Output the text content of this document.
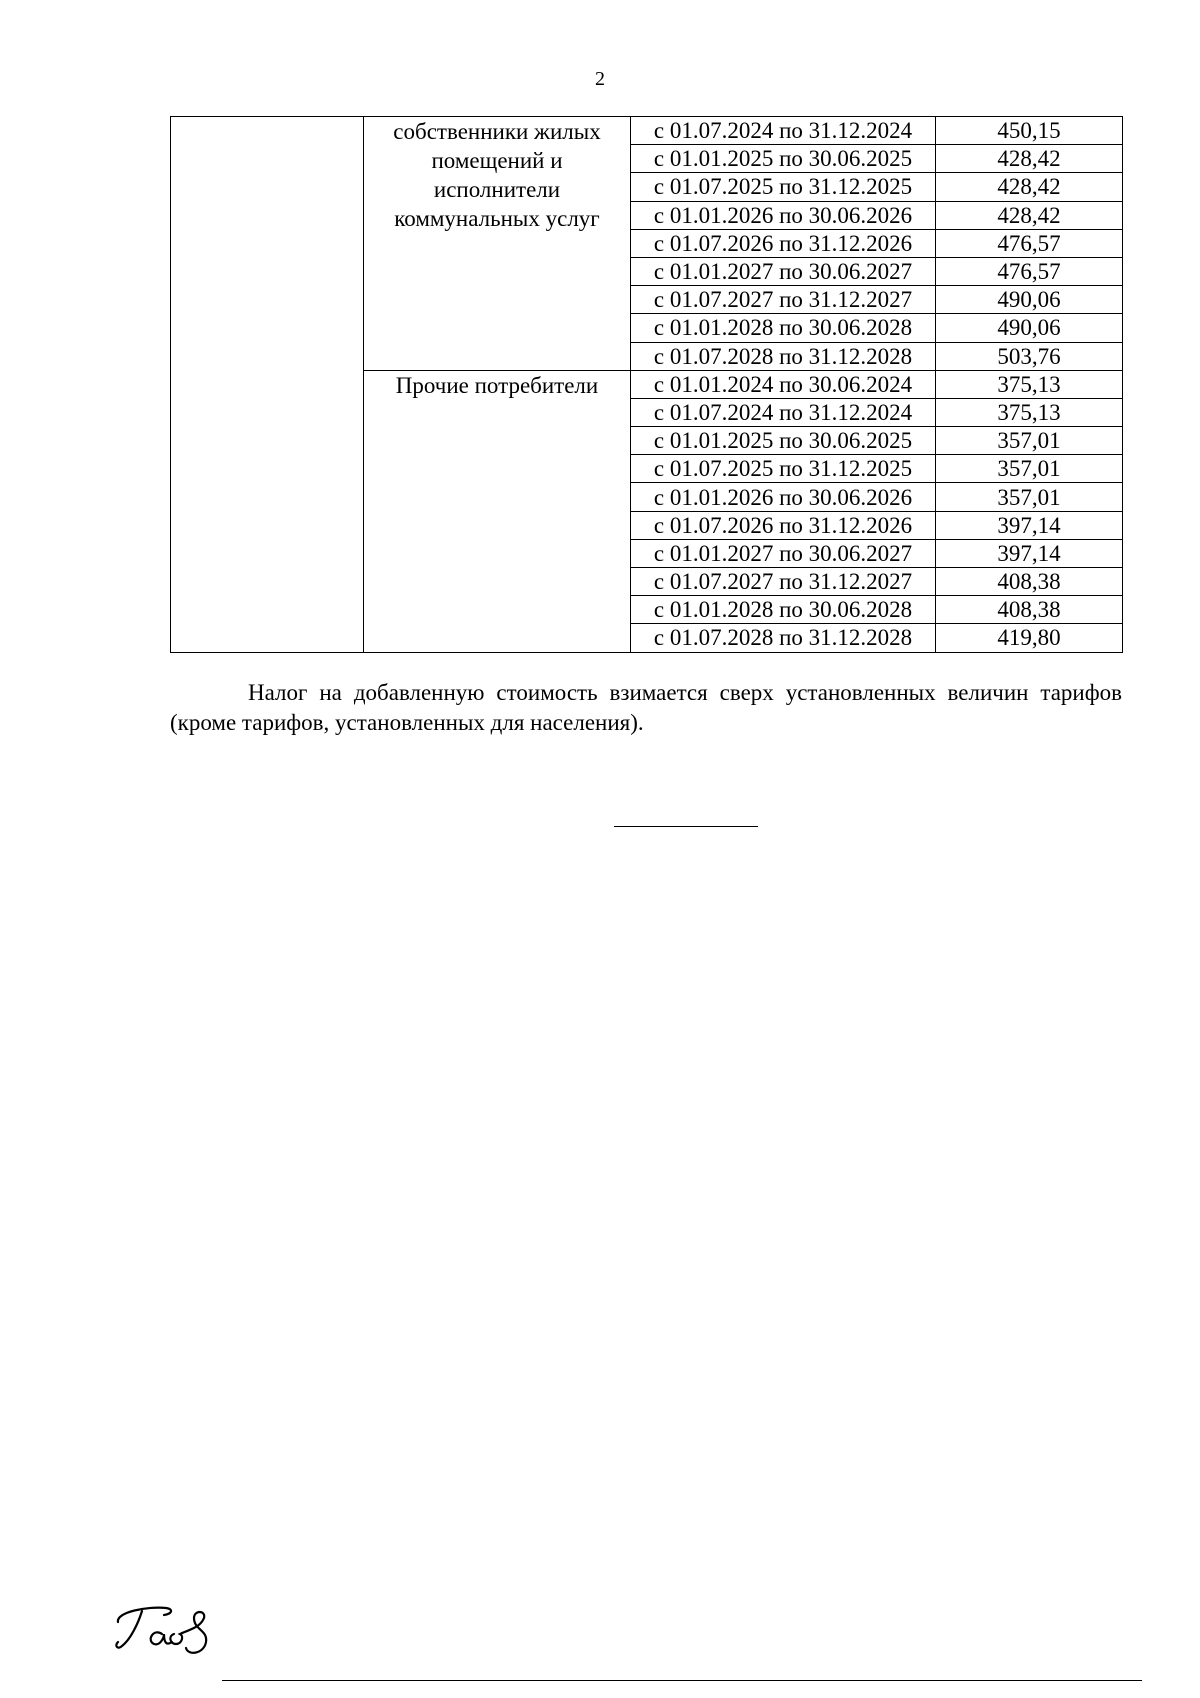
2
	собственники жилых помещений и исполнители коммунальных услуг	с 01.07.2024 по 31.12.2024	450,15
		с 01.01.2025 по 30.06.2025	428,42
		с 01.07.2025 по 31.12.2025	428,42
		с 01.01.2026 по 30.06.2026	428,42
		с 01.07.2026 по 31.12.2026	476,57
		с 01.01.2027 по 30.06.2027	476,57
		с 01.07.2027 по 31.12.2027	490,06
		с 01.01.2028 по 30.06.2028	490,06
		с 01.07.2028 по 31.12.2028	503,76
	Прочие потребители	с 01.01.2024 по 30.06.2024	375,13
		с 01.07.2024 по 31.12.2024	375,13
		с 01.01.2025 по 30.06.2025	357,01
		с 01.07.2025 по 31.12.2025	357,01
		с 01.01.2026 по 30.06.2026	357,01
		с 01.07.2026 по 31.12.2026	397,14
		с 01.01.2027 по 30.06.2027	397,14
		с 01.07.2027 по 31.12.2027	408,38
		с 01.01.2028 по 30.06.2028	408,38
		с 01.07.2028 по 31.12.2028	419,80
Налог на добавленную стоимость взимается сверх установленных величин тарифов (кроме тарифов, установленных для населения).
